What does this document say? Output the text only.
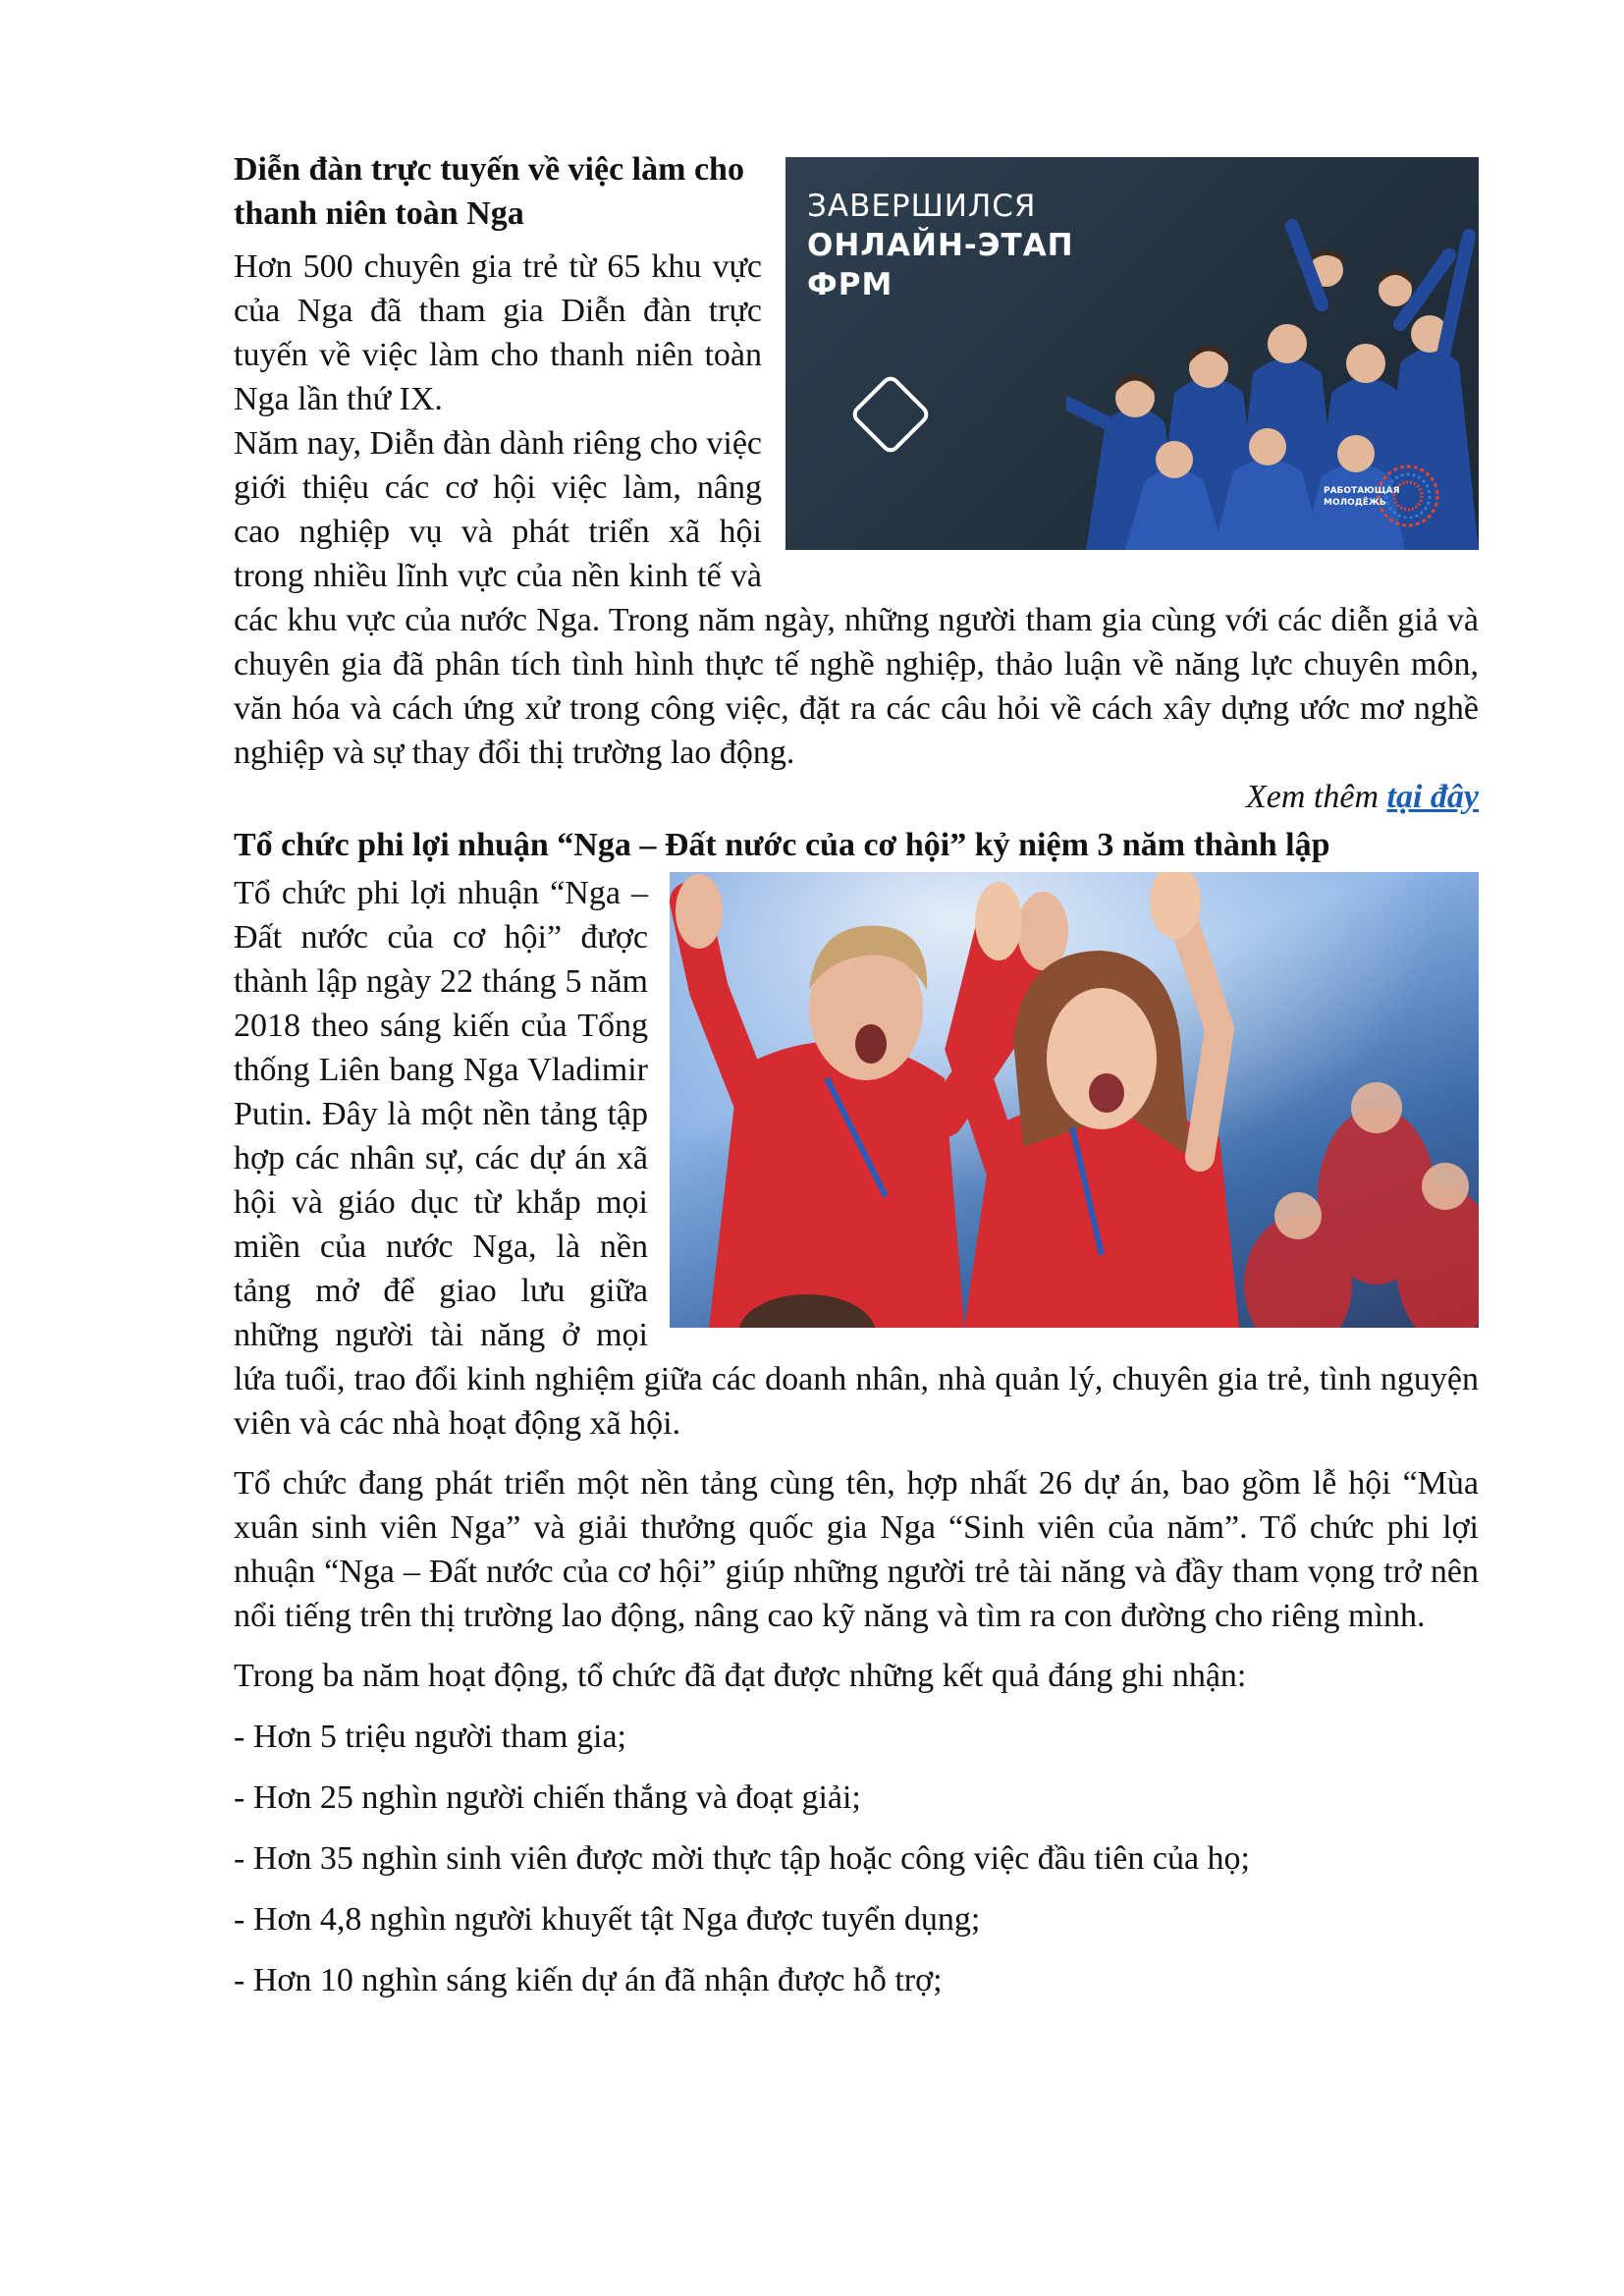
ЗАВЕРШИЛСЯ
ОНЛАЙН-ЭТАП
ФРМ
РАБОТАЮЩАЯ
МОЛОДЁЖЬ

Diễn đàn trực tuyến về việc làm cho thanh niên toàn Nga

Hơn 500 chuyên gia trẻ từ 65 khu vực của Nga đã tham gia Diễn đàn trực tuyến về việc làm cho thanh niên toàn Nga lần thứ IX.

Năm nay, Diễn đàn dành riêng cho việc giới thiệu các cơ hội việc làm, nâng cao nghiệp vụ và phát triển xã hội trong nhiều lĩnh vực của nền kinh tế và các khu vực của nước Nga. Trong năm ngày, những người tham gia cùng với các diễn giả và chuyên gia đã phân tích tình hình thực tế nghề nghiệp, thảo luận về năng lực chuyên môn, văn hóa và cách ứng xử trong công việc, đặt ra các câu hỏi về cách xây dựng ước mơ nghề nghiệp và sự thay đổi thị trường lao động.

Xem thêm tại đây

Tổ chức phi lợi nhuận “Nga – Đất nước của cơ hội” kỷ niệm 3 năm thành lập

Tổ chức phi lợi nhuận “Nga – Đất nước của cơ hội” được thành lập ngày 22 tháng 5 năm 2018 theo sáng kiến của Tổng thống Liên bang Nga Vladimir Putin. Đây là một nền tảng tập hợp các nhân sự, các dự án xã hội và giáo dục từ khắp mọi miền của nước Nga, là nền tảng mở để giao lưu giữa những người tài năng ở mọi lứa tuổi, trao đổi kinh nghiệm giữa các doanh nhân, nhà quản lý, chuyên gia trẻ, tình nguyện viên và các nhà hoạt động xã hội.

Tổ chức đang phát triển một nền tảng cùng tên, hợp nhất 26 dự án, bao gồm lễ hội “Mùa xuân sinh viên Nga” và giải thưởng quốc gia Nga “Sinh viên của năm”. Tổ chức phi lợi nhuận “Nga – Đất nước của cơ hội” giúp những người trẻ tài năng và đầy tham vọng trở nên nổi tiếng trên thị trường lao động, nâng cao kỹ năng và tìm ra con đường cho riêng mình.

Trong ba năm hoạt động, tổ chức đã đạt được những kết quả đáng ghi nhận:

- Hơn 5 triệu người tham gia;

- Hơn 25 nghìn người chiến thắng và đoạt giải;

- Hơn 35 nghìn sinh viên được mời thực tập hoặc công việc đầu tiên của họ;

- Hơn 4,8 nghìn người khuyết tật Nga được tuyển dụng;

- Hơn 10 nghìn sáng kiến dự án đã nhận được hỗ trợ;
